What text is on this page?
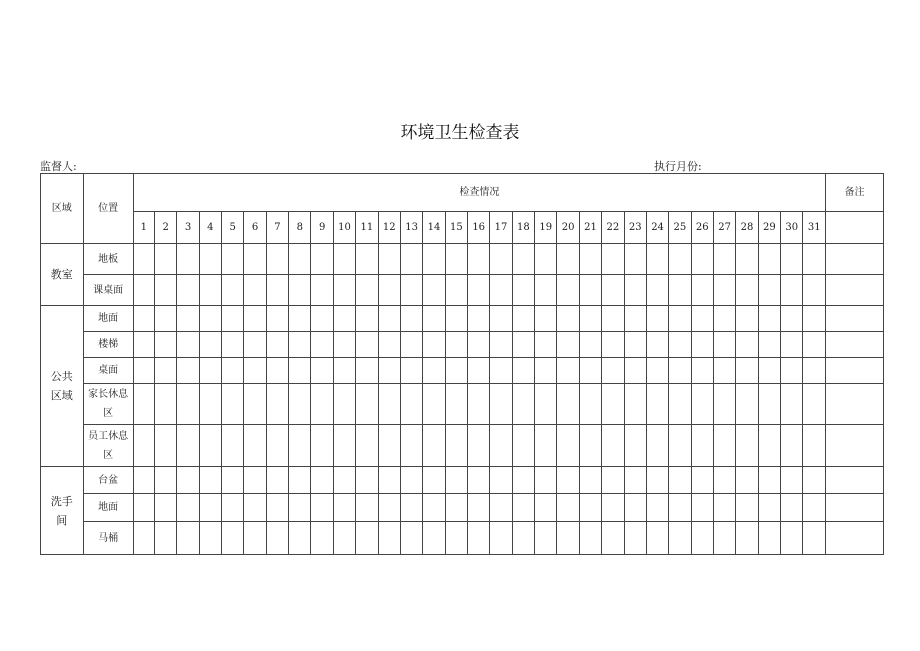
环境卫生检查表
监督人:	执行月份:
区域	位置	检查情况																															备注
		1	2	3	4	5	6	7	8	9	10	11	12	13	14	15	16	17	18	19	20	21	22	23	24	25	26	27	28	29	30	31	
教室	地板																																
	课桌面																																
公共区域	地面																																
	楼梯																																
	桌面																																
	家长休息区																																
	员工休息区																																
洗手间	台盆																																
	地面																																
	马桶																																
